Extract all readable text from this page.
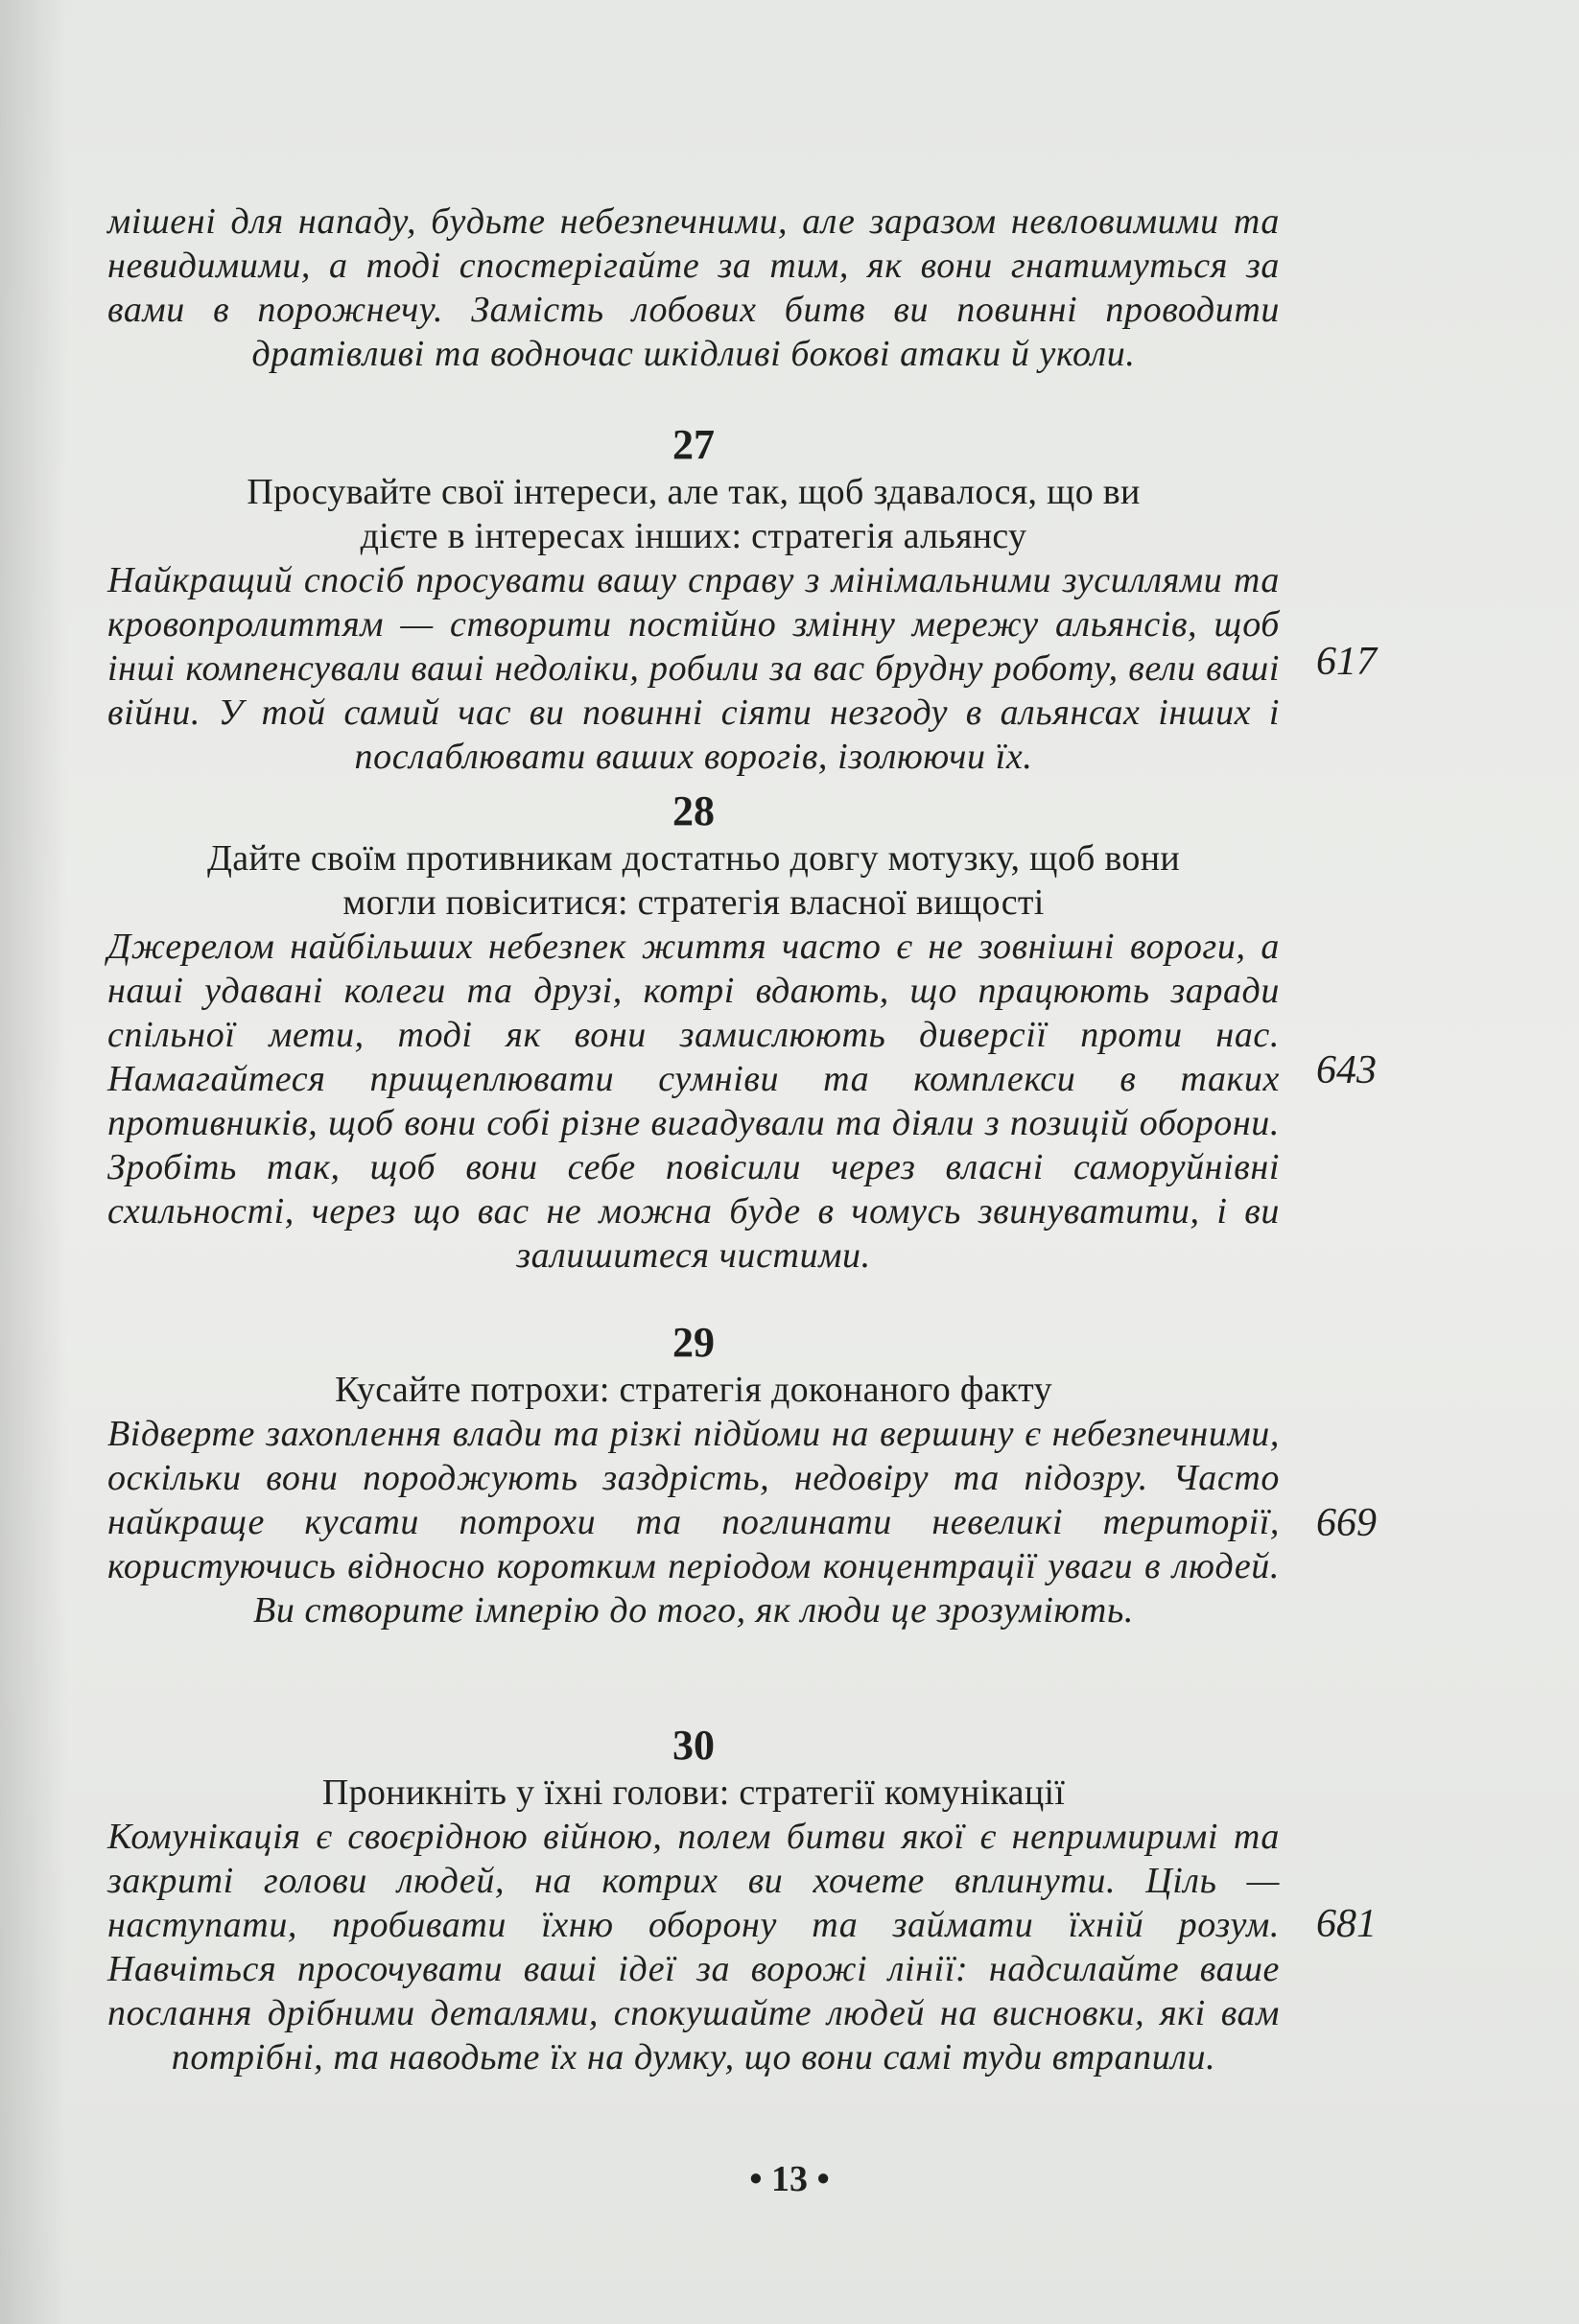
мішені для нападу, будьте небезпечними, але заразом невловимими та невидимими, а тоді спостерігайте за тим, як вони гнатимуться за вами в порожнечу. Замість лобових битв ви повинні проводити дратівливі та водночас шкідливі бокові атаки й уколи.

27

Просувайте свої інтереси, але так, щоб здавалося, що ви дієте в інтересах інших: стратегія альянсу

Найкращий спосіб просувати вашу справу з мінімальними зусиллями та кровопролиттям — створити постійно змінну мережу альянсів, щоб інші компенсували ваші недоліки, робили за вас брудну роботу, вели ваші війни. У той самий час ви повинні сіяти незгоду в альянсах інших і послаблювати ваших ворогів, ізолюючи їх.

617

28

Дайте своїм противникам достатньо довгу мотузку, щоб вони могли повіситися: стратегія власної вищості

Джерелом найбільших небезпек життя часто є не зовнішні вороги, а наші удавані колеги та друзі, котрі вдають, що працюють заради спільної мети, тоді як вони замислюють диверсії проти нас. Намагайтеся прищеплювати сумніви та комплекси в таких противників, щоб вони собі різне вигадували та діяли з позицій оборони. Зробіть так, щоб вони себе повісили через власні саморуйнівні схильності, через що вас не можна буде в чомусь звинуватити, і ви залишитеся чистими.

643

29

Кусайте потрохи: стратегія доконаного факту

Відверте захоплення влади та різкі підйоми на вершину є небезпечними, оскільки вони породжують заздрість, недовіру та підозру. Часто найкраще кусати потрохи та поглинати невеликі території, користуючись відносно коротким періодом концентрації уваги в людей. Ви створите імперію до того, як люди це зрозуміють.

669

30

Проникніть у їхні голови: стратегії комунікації

Комунікація є своєрідною війною, полем битви якої є непримиримі та закриті голови людей, на котрих ви хочете вплинути. Ціль — наступати, пробивати їхню оборону та займати їхній розум. Навчіться просочувати ваші ідеї за ворожі лінії: надсилайте ваше послання дрібними деталями, спокушайте людей на висновки, які вам потрібні, та наводьте їх на думку, що вони самі туди втрапили.

681
• 13 •
